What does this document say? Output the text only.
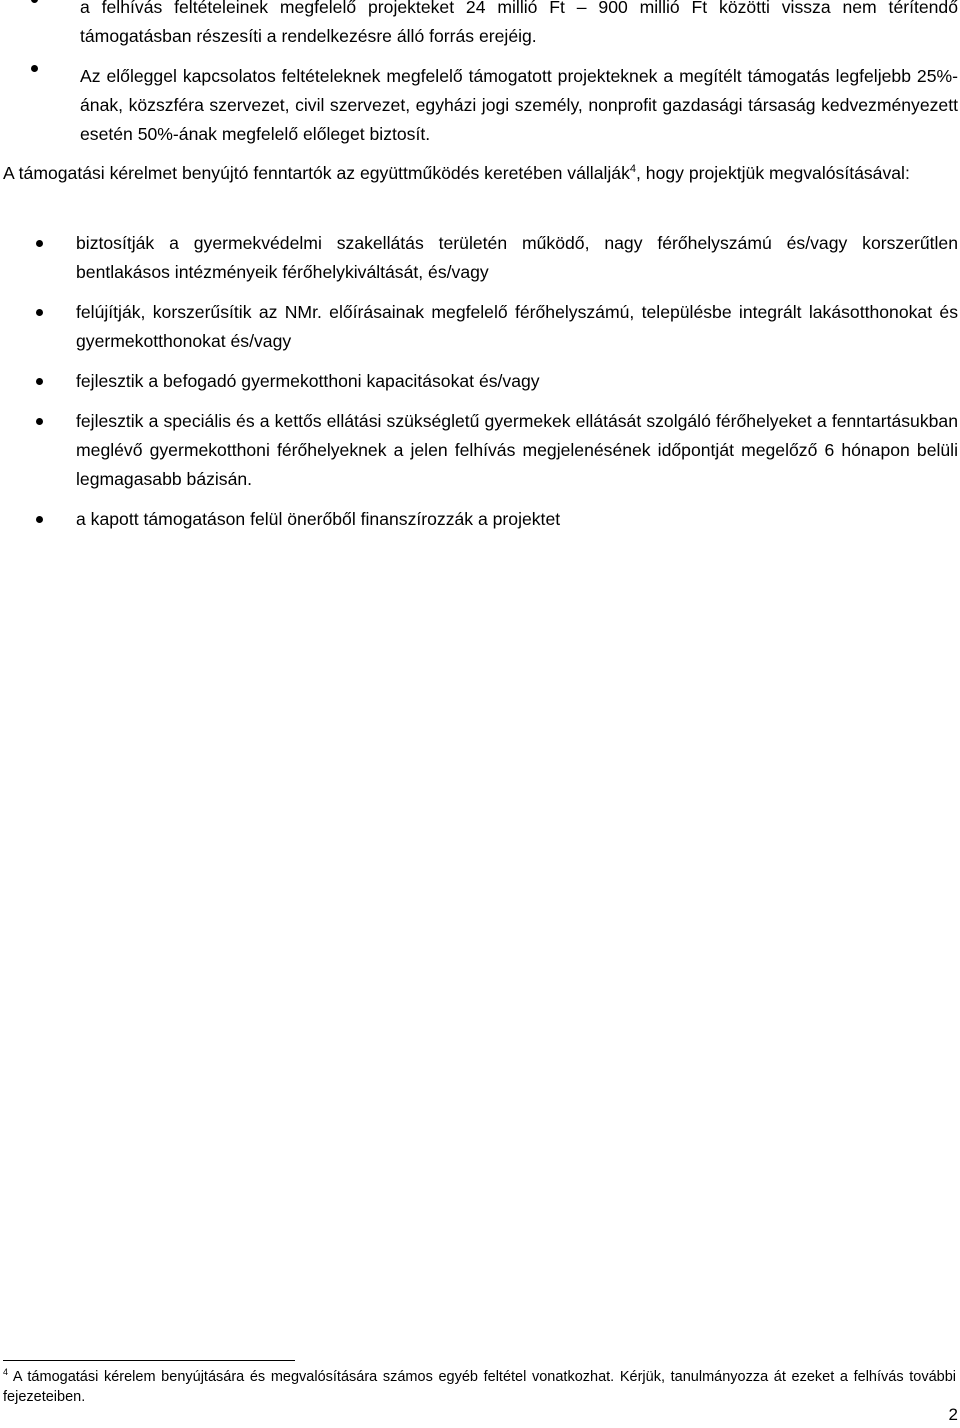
a felhívás feltételeinek megfelelő projekteket 24 millió Ft – 900 millió Ft közötti vissza nem térítendő támogatásban részesíti a rendelkezésre álló forrás erejéig.
Az előleggel kapcsolatos feltételeknek megfelelő támogatott projekteknek a megítélt támogatás legfeljebb 25%-ának, közszféra szervezet, civil szervezet, egyházi jogi személy, nonprofit gazdasági társaság kedvezményezett esetén 50%-ának megfelelő előleget biztosít.

A támogatási kérelmet benyújtó fenntartók az együttműködés keretében vállalják$^4$, hogy projektjük megvalósításával:

biztosítják a gyermekvédelmi szakellátás területén működő, nagy férőhelyszámú és/vagy korszerűtlen bentlakásos intézményeik férőhelykiváltását, és/vagy
felújítják, korszerűsítik az NMr. előírásainak megfelelő férőhelyszámú, településbe integrált lakásotthonokat és gyermekotthonokat és/vagy
fejlesztik a befogadó gyermekotthoni kapacitásokat és/vagy
fejlesztik a speciális és a kettős ellátási szükségletű gyermekek ellátását szolgáló férőhelyeket a fenntartásukban meglévő gyermekotthoni férőhelyeknek a jelen felhívás megjelenésének időpontját megelőző 6 hónapon belüli legmagasabb bázisán.
a kapott támogatáson felül önerőből finanszírozzák a projektet

$^4$ A támogatási kérelem benyújtására és megvalósítására számos egyéb feltétel vonatkozhat. Kérjük, tanulmányozza át ezeket a felhívás további fejezeteiben.

2
